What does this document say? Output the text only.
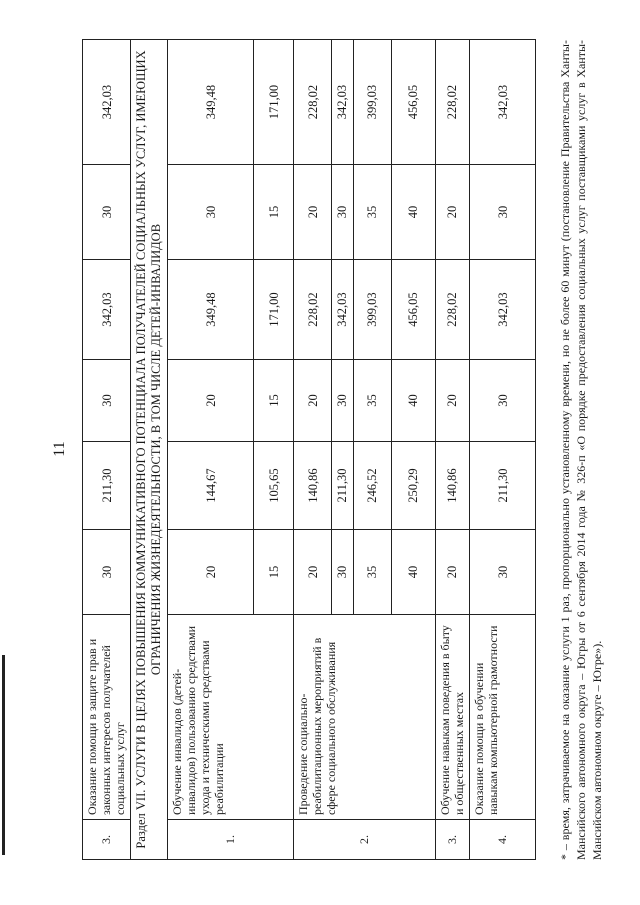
11
3.	Оказание помощи в защите прав и законных интересов получателей социальных услуг	30	211,30	30	342,03	30	342,03
Раздел VII. УСЛУГИ В ЦЕЛЯХ ПОВЫШЕНИЯ КОММУНИКАТИВНОГО ПОТЕНЦИАЛА ПОЛУЧАТЕЛЕЙ СОЦИАЛЬНЫХ УСЛУГ, ИМЕЮЩИХ ОГРАНИЧЕНИЯ ЖИЗНЕДЕЯТЕЛЬНОСТИ, В ТОМ ЧИСЛЕ ДЕТЕЙ-ИНВАЛИДОВ							
1.	Обучение инвалидов (детей-инвалидов) пользованию средствами ухода и техническими средствами реабилитации	20	144,67	20	349,48	30	349,48
		15	105,65	15	171,00	15	171,00
2.	Проведение социально-реабилитационных мероприятий в сфере социального обслуживания	20	140,86	20	228,02	20	228,02
		30	211,30	30	342,03	30	342,03
		35	246,52	35	399,03	35	399,03
		40	250,29	40	456,05	40	456,05
3.	Обучение навыкам поведения в быту и общественных местах	20	140,86	20	228,02	20	228,02
4.	Оказание помощи в обучении навыкам компьютерной грамотности	30	211,30	30	342,03	30	342,03	* – время, затрачиваемое на оказание услуги 1 раз, пропорционально установленному времени, но не более 60 минут (постановление Правительства Ханты-Мансийского автономного округа – Югры от 6 сентября 2014 года № 326-п «О порядке предоставления социальных услуг поставщиками услуг в Ханты-Мансийском автономном округе – Югре»).
